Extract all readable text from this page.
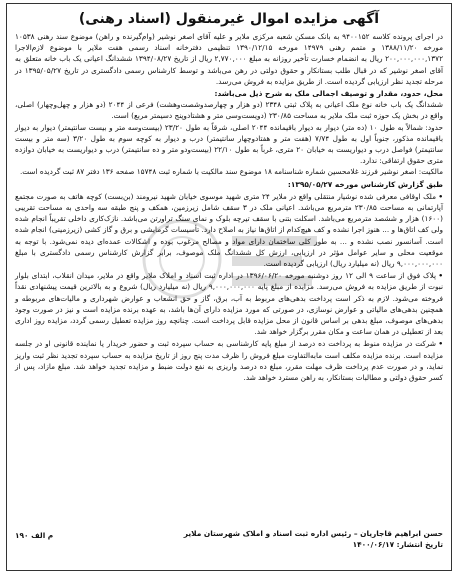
آگهی مزایده اموال غیرمنقول (اسناد رهنی)

در اجرای پرونده کلاسه ۹۴۰۰۱۵۲ به بانک مسکن شعبه مرکزی ملایر و علیه آقای اصغر نوشیر (وام‌گیرنده و راهن) موضوع سند رهنی ۱۰۵۳۸ مورخه ۱۳۸۸/۱۱/۲۰ و متمم رهنی ۱۴۹۷۹ مورخه ۱۳۹۰/۱۲/۱۵ تنظیمی دفترخانه اسناد رسمی هفت ملایر با موضوع لازم‌الاجرا ۲۰۰,۰۰۰,۰۰۰,۱۳۷۲ ریال به انضمام خسارت تأخیر روزانه به مبلغ ۲,۷۷۰,۰۰۰ ریال از تاریخ ۱۳۹۴/۰۸/۲۷ ششدانگ اعیانی یک باب خانه متعلق به آقای اصغر نوشیر که در قبال طلب بستانکار و حقوق دولتی در رهن می‌باشد و توسط کارشناس رسمی دادگستری در تاریخ ۱۳۹۵/۰۵/۲۷ در مرحله تجدید نظر ارزیابی گردیده است. از طریق مزایده به فروش می‌رسد.

محل، حدود، مقدار و توصیف اجمالی ملک به شرح ذیل می‌باشد:

ششدانگ یک باب خانه نوع ملک اعیانی به پلاک ثبتی ۲۳۴۸ (دو هزار و چهارصدوشصت‌وهشت) فرعی از ۲۰۴۴ (دو هزار و چهل‌وچهار) اصلی، واقع در بخش یک حوزه ثبت ملک ملایر به مساحت ۲۳۰/۸۵ (دویست‌وسی متر و هشتادوپنج دسیمتر مربع) است.

حدود: شمالاً به طول ۱۰ (ده متر) دیوار به دیوار باقیمانده ۲۰۴۴ اصلی، شرقاً به طول ۲۳/۲۰ (بیست‌وسه متر و بیست سانتیمتر) دیوار به دیوار باقیمانده مذکور، جنوباً اول به طول ۷/۷۴ (هفت متر و هفتادوچهار سانتیمتر) درب و دیوار به کوچه سوم به طول ۳/۲۰ (سه متر و بیست سانتیمتر) فواصل درب و دیواریست به خیابان ۲۰ متری، غرباً به طول ۲۲/۱۰ (بیست‌ودو متر و ده سانتیمتر) درب و دیواریست به خیابان دوازده متری حقوق ارتفاقی: ندارد.

مالکیت: اصغر نوشیر فرزند غلامحسین شماره شناسنامه ۱۸ موضوع سند مالکیت با شماره ثبت ۱۵۷۴۸ صفحه ۱۳۶ دفتر ۸۷ ثبت گردیده است.

طبق گزارش کارشناس مورخه ۱۳۹۵/۰۵/۲۷:

•ملک اوقافی معرفی شده نوشیار منتقلی واقع در ملایر ۲۴ متری شهید موسوی خیابان شهید نیرومند (بن‌بست) کوچه هاتف به صورت مجتمع آپارتمانی به مساحت ۲۳۰/۸۵ مترمربع می‌باشد. اعیانی ملک در ۳ سقف شامل زیرزمین، همکف و پنج طبقه سه واحدی به مساحت تقریبی (۱۶۰۰) هزار و ششصد مترمربع می‌باشد. اسکلت بتنی با سقف تیرچه بلوک و نمای سنگ تراورتن می‌باشد. نازک‌کاری داخلی تقریباً انجام شده ولی کف اتاق‌ها و ... هنوز اجرا نشده و کف هیچ‌کدام از اتاق‌ها نیاز به اصلاح دارد. تأسیسات گرمایشی و برق و گاز کشی (زیرزمینی) انجام شده است. آسانسور نصب نشده و ... به طور کلی ساختمان دارای مواد و مصالح مرغوب بوده و اشکالات عمده‌ای دیده نمی‌شود. با توجه به موقعیت محلی و سایر عوامل مؤثر در ارزیابی، ارزش کل ششدانگ ملک موصوف، برابر گزارش کارشناس رسمی دادگستری با مبلغ ۹,۰۰۰,۰۰۰,۰۰۰ ریال (نه میلیارد ریال) ارزیابی گردیده است.

•پلاک فوق از ساعت ۹ الی ۱۲ روز دوشنبه مورخه ۱۳۹۶/۰۶/۲۰ در اداره ثبت اسناد و املاک ملایر واقع در ملایر، میدان انقلاب، ابتدای بلوار نبوت از طریق مزایده به فروش می‌رسد. مزایده از مبلغ پایه ۹,۰۰۰,۰۰۰,۰۰۰ ریال (نه میلیارد ریال) شروع و به بالاترین قیمت پیشنهادی نقداً فروخته می‌شود. لازم به ذکر است پرداخت بدهی‌های مربوط به آب، برق، گاز و حق انشعاب و عوارض شهرداری و مالیات‌های مربوطه و همچنین بدهی‌های مالیاتی و عوارض نوسازی، در صورتی که مورد مزایده دارای آن‌ها باشد، به عهده برنده مزایده است و نیز در صورت وجود بدهی‌های موصوف، مبلغ بدهی بر اساس قانون از محل مزایده قابل پرداخت است. چنانچه روز مزایده تعطیل رسمی گردد، مزایده روز اداری بعد از تعطیلی در همان ساعت و مکان مقرر برگزار خواهد شد.

•شرکت در مزایده منوط به پرداخت ده درصد از مبلغ پایه کارشناسی به حساب سپرده ثبت و حضور خریدار یا نماینده قانونی او در جلسه مزایده است. برنده مزایده مکلف است مابه‌التفاوت مبلغ فروش را ظرف مدت پنج روز از تاریخ مزایده به حساب سپرده تجدید نظر ثبت واریز نماید، و در صورت عدم پرداخت ظرف مهلت مقرر، مبلغ ده درصد واریزی به نفع دولت ضبط و مزایده تجدید خواهد شد. مبلغ مازاد، پس از کسر حقوق دولتی و مطالبات بستانکار، به راهن مسترد خواهد شد.

حسن ابراهیم قاجاریان – رئیس اداره ثبت اسناد و املاک شهرستان ملایر
تاریخ انتشار: ۱۴۰۰/۰۶/۱۷
م الف ۱۹۰
